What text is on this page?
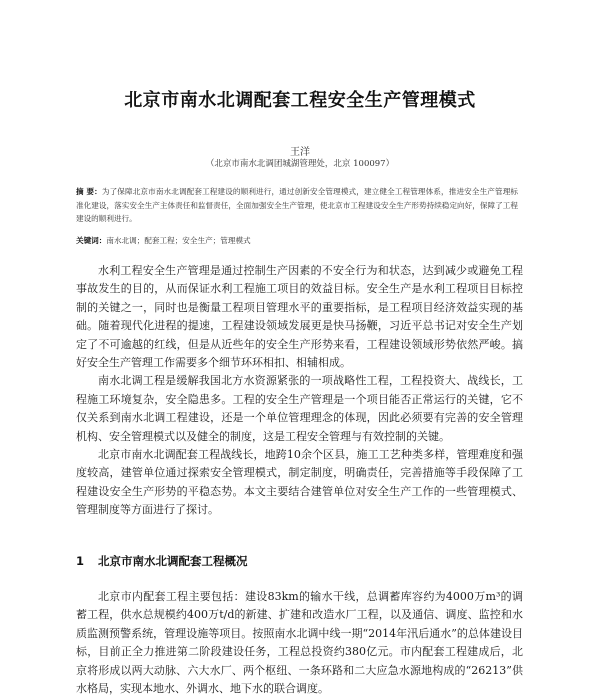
北京市南水北调配套工程安全生产管理模式
王洋
（北京市南水北调团城湖管理处，北京 100097）
摘 要：为了保障北京市南水北调配套工程建设的顺利进行，通过创新安全管理模式，建立健全工程管理体系，推进安全生产管理标准化建设，落实安全生产主体责任和监督责任，全面加强安全生产管理，使北京市工程建设安全生产形势持续稳定向好，保障了工程建设的顺利进行。
关键词：南水北调；配套工程；安全生产；管理模式

水利工程安全生产管理是通过控制生产因素的不安全行为和状态，达到减少或避免工程事故发生的目的，从而保证水利工程施工项目的效益目标。安全生产是水利工程项目目标控制的关键之一，同时也是衡量工程项目管理水平的重要指标，是工程项目经济效益实现的基础。随着现代化进程的提速，工程建设领域发展更是快马扬鞭，习近平总书记对安全生产划定了不可逾越的红线，但是从近些年的安全生产形势来看，工程建设领域形势依然严峻。搞好安全生产管理工作需要多个细节环环相扣、相辅相成。

南水北调工程是缓解我国北方水资源紧张的一项战略性工程，工程投资大、战线长，工程施工环境复杂，安全隐患多。工程的安全生产管理是一个项目能否正常运行的关键，它不仅关系到南水北调工程建设，还是一个单位管理理念的体现，因此必须要有完善的安全管理机构、安全管理模式以及健全的制度，这是工程安全管理与有效控制的关键。

北京市南水北调配套工程战线长，地跨10余个区县，施工工艺种类多样，管理难度和强度较高，建管单位通过探索安全管理模式，制定制度，明确责任，完善措施等手段保障了工程建设安全生产形势的平稳态势。本文主要结合建管单位对安全生产工作的一些管理模式、管理制度等方面进行了探讨。

1 北京市南水北调配套工程概况

北京市内配套工程主要包括：建设83km的输水干线，总调蓄库容约为4000万m³的调蓄工程，供水总规模约400万t/d的新建、扩建和改造水厂工程，以及通信、调度、监控和水质监测预警系统，管理设施等项目。按照南水北调中线一期“2014年汛后通水”的总体建设目标，目前正全力推进第二阶段建设任务，工程总投资约380亿元。市内配套工程建成后，北京将形成以两大动脉、六大水厂、两个枢纽、一条环路和二大应急水源地构成的“26213”供水格局，实现本地水、外调水、地下水的联合调度。
